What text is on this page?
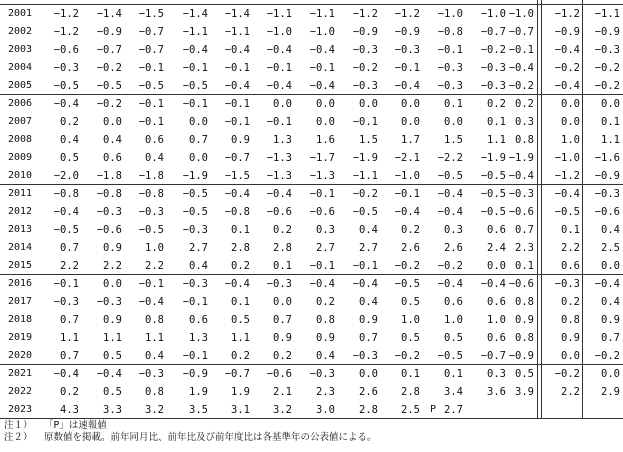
2001	−1.2	−1.4	−1.5	−1.4	−1.4	−1.1	−1.1	−1.2	−1.2	−1.0	−1.0 −1.0	−1.2	−1.1
2002	−1.2	−0.9	−0.7	−1.1	−1.1	−1.0	−1.0	−0.9	−0.9	−0.8	−0.7 −0.7	−0.9	−0.9
2003	−0.6	−0.7	−0.7	−0.4	−0.4	−0.4	−0.4	−0.3	−0.3	−0.1	−0.2 −0.1	−0.4	−0.3
2004	−0.3	−0.2	−0.1	−0.1	−0.1	−0.1	−0.1	−0.2	−0.1	−0.3	−0.3 −0.4	−0.2	−0.2
2005	−0.5	−0.5	−0.5	−0.5	−0.4	−0.4	−0.4	−0.3	−0.4	−0.3	−0.3 −0.2	−0.4	−0.2
2006	−0.4	−0.2	−0.1	−0.1	−0.1	0.0	0.0	0.0	0.0	0.1	0.2 0.2	0.0	0.0
2007	0.2	0.0	−0.1	0.0	−0.1	−0.1	0.0	−0.1	0.0	0.0	0.1 0.3	0.0	0.1
2008	0.4	0.4	0.6	0.7	0.9	1.3	1.6	1.5	1.7	1.5	1.1 0.8	1.0	1.1
2009	0.5	0.6	0.4	0.0	−0.7	−1.3	−1.7	−1.9	−2.1	−2.2	−1.9 −1.9	−1.0	−1.6
2010	−2.0	−1.8	−1.8	−1.9	−1.5	−1.3	−1.3	−1.1	−1.0	−0.5	−0.5 −0.4	−1.2	−0.9
2011	−0.8	−0.8	−0.8	−0.5	−0.4	−0.4	−0.1	−0.2	−0.1	−0.4	−0.5 −0.3	−0.4	−0.3
2012	−0.4	−0.3	−0.3	−0.5	−0.8	−0.6	−0.6	−0.5	−0.4	−0.4	−0.5 −0.6	−0.5	−0.6
2013	−0.5	−0.6	−0.5	−0.3	0.1	0.2	0.3	0.4	0.2	0.3	0.6 0.7	0.1	0.4
2014	0.7	0.9	1.0	2.7	2.8	2.8	2.7	2.7	2.6	2.6	2.4 2.3	2.2	2.5
2015	2.2	2.2	2.2	0.4	0.2	0.1	−0.1	−0.1	−0.2	−0.2	0.0 0.1	0.6	0.0
2016	−0.1	0.0	−0.1	−0.3	−0.4	−0.3	−0.4	−0.4	−0.5	−0.4	−0.4 −0.6	−0.3	−0.4
2017	−0.3	−0.3	−0.4	−0.1	0.1	0.0	0.2	0.4	0.5	0.6	0.6 0.8	0.2	0.4
2018	0.7	0.9	0.8	0.6	0.5	0.7	0.8	0.9	1.0	1.0	1.0 0.9	0.8	0.9
2019	1.1	1.1	1.1	1.3	1.1	0.9	0.9	0.7	0.5	0.5	0.6 0.8	0.9	0.7
2020	0.7	0.5	0.4	−0.1	0.2	0.2	0.4	−0.3	−0.2	−0.5	−0.7 −0.9	0.0	−0.2
2021	−0.4	−0.4	−0.3	−0.9	−0.7	−0.6	−0.3	0.0	0.1	0.1	0.3 0.5	−0.2	0.0
2022	0.2	0.5	0.8	1.9	1.9	2.1	2.3	2.6	2.8	3.4	3.6 3.9	2.2	2.9
2023	4.3	3.3	3.2	3.5	3.1	3.2	3.0	2.8	2.5	2.7
P
注１） 「P」は速報値
注２） 原数値を掲載。前年同月比、前年比及び前年度比は各基準年の公表値による。
